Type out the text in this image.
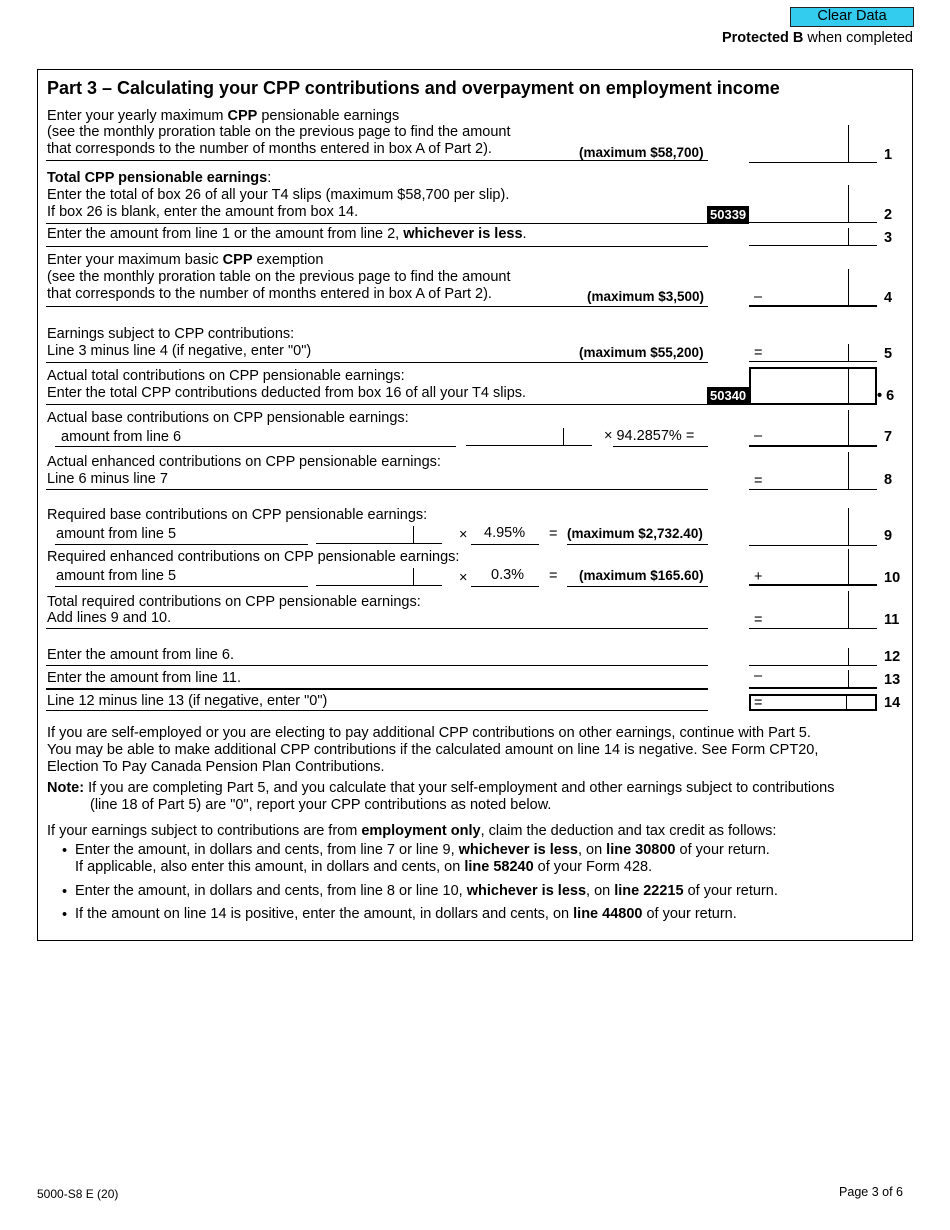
Clear Data
Protected B when completed
Part 3 – Calculating your CPP contributions and overpayment on employment income
Enter your yearly maximum CPP pensionable earnings
(see the monthly proration table on the previous page to find the amount
that corresponds to the number of months entered in box A of Part 2).	(maximum $58,700)	1
Total CPP pensionable earnings:
Enter the total of box 26 of all your T4 slips (maximum $58,700 per slip).
If box 26 is blank, enter the amount from box 14.	50339	2
Enter the amount from line 1 or the amount from line 2, whichever is less.	3
Enter your maximum basic CPP exemption
(see the monthly proration table on the previous page to find the amount
that corresponds to the number of months entered in box A of Part 2).	(maximum $3,500)	–	4
Earnings subject to CPP contributions:
Line 3 minus line 4 (if negative, enter "0")	(maximum $55,200)	=	5
Actual total contributions on CPP pensionable earnings:
Enter the total CPP contributions deducted from box 16 of all your T4 slips.	50340	• 6
Actual base contributions on CPP pensionable earnings:
amount from line 6	× 94.2857% =	–	7
Actual enhanced contributions on CPP pensionable earnings:
Line 6 minus line 7	=	8
Required base contributions on CPP pensionable earnings:
amount from line 5	× 4.95% = (maximum $2,732.40)	9
Required enhanced contributions on CPP pensionable earnings:
amount from line 5	× 0.3% = (maximum $165.60)	+	10
Total required contributions on CPP pensionable earnings:
Add lines 9 and 10.	=	11
Enter the amount from line 6.	12
Enter the amount from line 11.	–	13
Line 12 minus line 13 (if negative, enter "0")	=	14
If you are self-employed or you are electing to pay additional CPP contributions on other earnings, continue with Part 5.
You may be able to make additional CPP contributions if the calculated amount on line 14 is negative. See Form CPT20,
Election To Pay Canada Pension Plan Contributions.
Note: If you are completing Part 5, and you calculate that your self-employment and other earnings subject to contributions
(line 18 of Part 5) are "0", report your CPP contributions as noted below.
If your earnings subject to contributions are from employment only, claim the deduction and tax credit as follows:
• Enter the amount, in dollars and cents, from line 7 or line 9, whichever is less, on line 30800 of your return.
If applicable, also enter this amount, in dollars and cents, on line 58240 of your Form 428.
• Enter the amount, in dollars and cents, from line 8 or line 10, whichever is less, on line 22215 of your return.
• If the amount on line 14 is positive, enter the amount, in dollars and cents, on line 44800 of your return.
5000-S8 E (20)	Page 3 of 6
